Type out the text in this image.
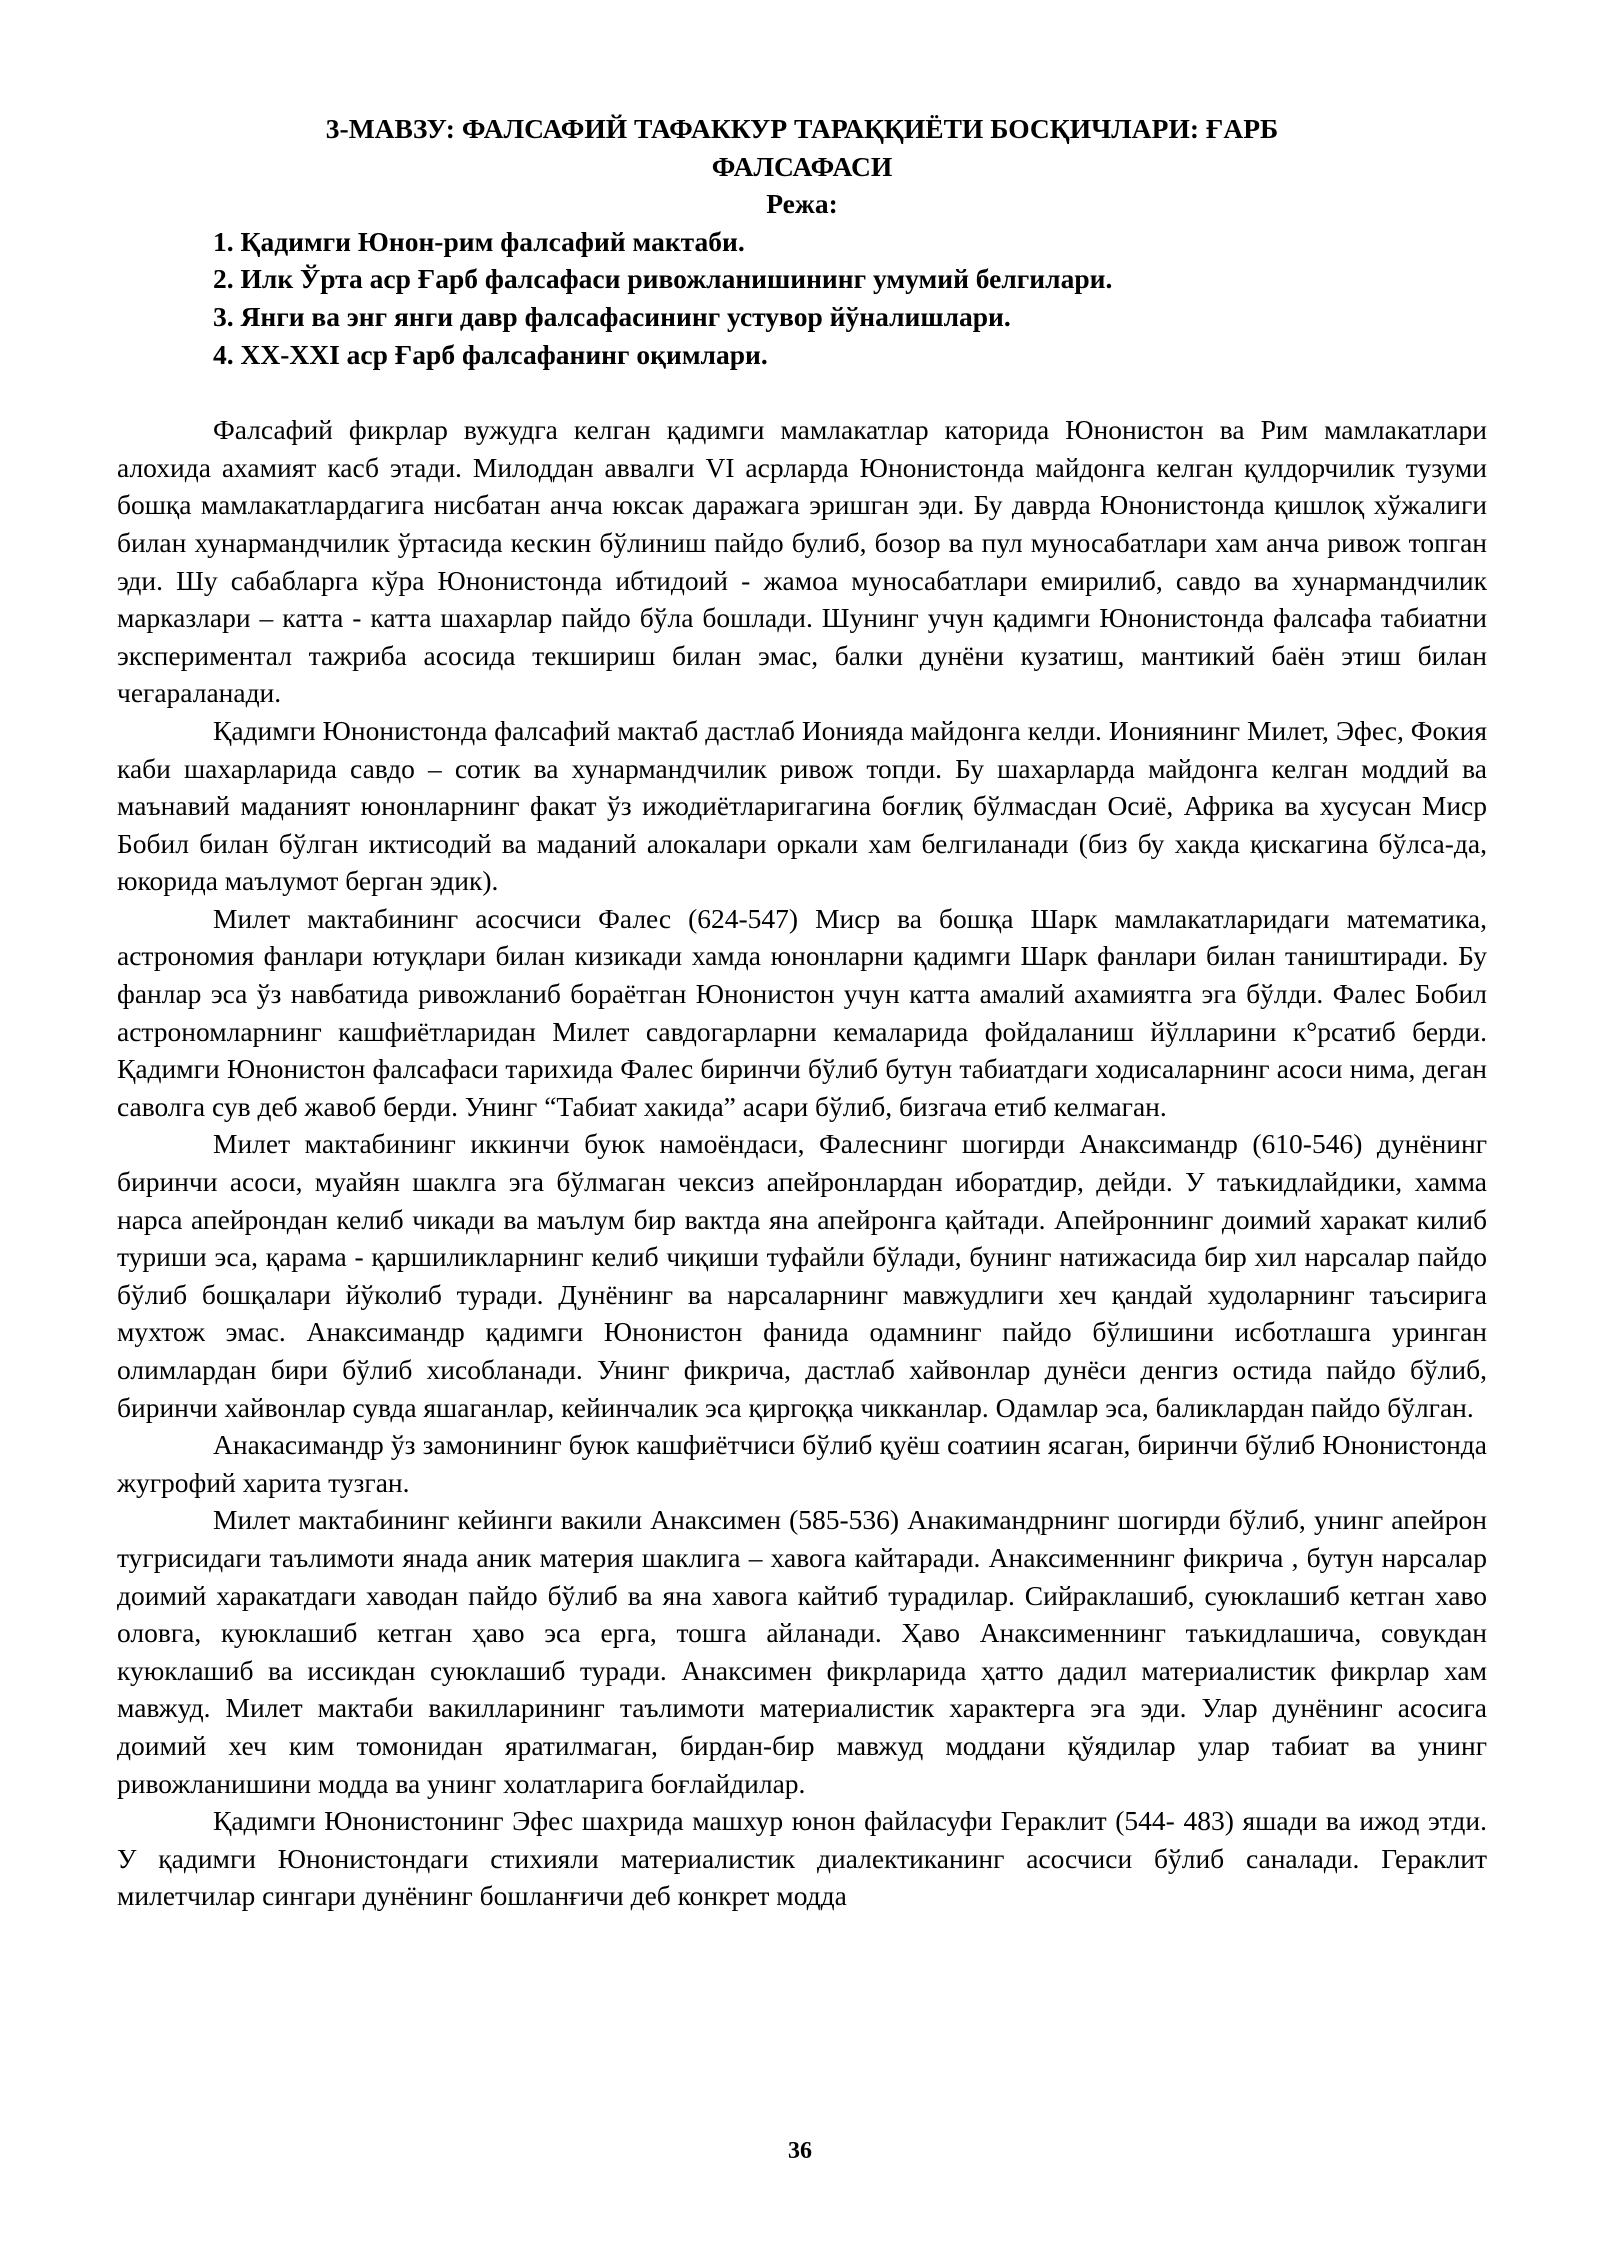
3-МАВЗУ: ФАЛСАФИЙ ТАФАККУР ТАРАҚҚИЁТИ БОСҚИЧЛАРИ: ҒАРБ

ФАЛСАФАСИ

Режа:

1. Қадимги Юнон-рим фалсафий мактаби.
2. Илк Ўрта аср Ғарб фалсафаси ривожланишининг умумий белгилари.
3. Янги ва энг янги давр фалсафасининг устувор йўналишлари.
4. XX-XXI аср Ғарб фалсафанинг оқимлари.

Фалсафий фикрлар вужудга келган қадимги мамлакатлар каторида Юнонистон ва Рим мамлакатлари алохида ахамият касб этади. Милоддан аввалги VI асрларда Юнонистонда майдонга келган қулдорчилик тузуми бошқа мамлакатлардагига нисбатан анча юксак даражага эришган эди. Бу даврда Юнонистонда қишлоқ хўжалиги билан хунармандчилик ўртасида кескин бўлиниш пайдо булиб, бозор ва пул муносабатлари хам анча ривож топган эди. Шу сабабларга кўра Юнонистонда ибтидоий - жамоа муносабатлари емирилиб, савдо ва хунармандчилик марказлари – катта - катта шахарлар пайдо бўла бошлади. Шунинг учун қадимги Юнонистонда фалсафа табиатни экспериментал тажриба асосида текшириш билан эмас, балки дунёни кузатиш, мантикий баён этиш билан чегараланади.

Қадимги Юнонистонда фалсафий мактаб дастлаб Ионияда майдонга келди. Иониянинг Милет, Эфес, Фокия каби шахарларида савдо – сотик ва хунармандчилик ривож топди. Бу шахарларда майдонга келган моддий ва маънавий маданият юнонларнинг факат ўз ижодиётларигагина боғлиқ бўлмасдан Осиё, Африка ва хусусан Миср Бобил билан бўлган иктисодий ва маданий алокалари оркали хам белгиланади (биз бу хакда қискагина бўлса-да, юкорида маълумот берган эдик).

Милет мактабининг асосчиси Фалес (624-547) Миср ва бошқа Шарк мамлакатларидаги математика, астрономия фанлари ютуқлари билан кизикади хамда юнонларни қадимги Шарк фанлари билан таништиради. Бу фанлар эса ўз навбатида ривожланиб бораётган Юнонистон учун катта амалий ахамиятга эга бўлди. Фалес Бобил астрономларнинг кашфиётларидан Милет савдогарларни кемаларида фойдаланиш йўлларини к°рсатиб берди. Қадимги Юнонистон фалсафаси тарихида Фалес биринчи бўлиб бутун табиатдаги ходисаларнинг асоси нима, деган саволга сув деб жавоб берди. Унинг “Табиат хакида” асари бўлиб, бизгача етиб келмаган.

Милет мактабининг иккинчи буюк намоёндаси, Фалеснинг шогирди Анаксимандр (610-546) дунёнинг биринчи асоси, муайян шаклга эга бўлмаган чексиз апейронлардан иборатдир, дейди. У таъкидлайдики, хамма нарса апейрондан келиб чикади ва маълум бир вактда яна апейронга қайтади. Апейроннинг доимий харакат килиб туриши эса, қарама - қаршиликларнинг келиб чиқиши туфайли бўлади, бунинг натижасида бир хил нарсалар пайдо бўлиб бошқалари йўколиб туради. Дунёнинг ва нарсаларнинг мавжудлиги хеч қандай худоларнинг таъсирига мухтож эмас. Анаксимандр қадимги Юнонистон фанида одамнинг пайдо бўлишини исботлашга уринган олимлардан бири бўлиб хисобланади. Унинг фикрича, дастлаб хайвонлар дунёси денгиз остида пайдо бўлиб, биринчи хайвонлар сувда яшаганлар, кейинчалик эса қиргоққа чикканлар. Одамлар эса, баликлардан пайдо бўлган.

Анакасимандр ўз замонининг буюк кашфиётчиси бўлиб қуёш соатиин ясаган, биринчи бўлиб Юнонистонда жугрофий харита тузган.

Милет мактабининг кейинги вакили Анаксимен (585-536) Анакимандрнинг шогирди бўлиб, унинг апейрон тугрисидаги таълимоти янада аник материя шаклига – хавога кайтаради. Анаксименнинг фикрича , бутун нарсалар доимий харакатдаги хаводан пайдо бўлиб ва яна хавога кайтиб турадилар. Сийраклашиб, суюклашиб кетган хаво оловга, куюклашиб кетган ҳаво эса ерга, тошга айланади. Ҳаво Анаксименнинг таъкидлашича, совукдан куюклашиб ва иссикдан суюклашиб туради. Анаксимен фикрларида ҳатто дадил материалистик фикрлар хам мавжуд. Милет мактаби вакилларининг таълимоти материалистик характерга эга эди. Улар дунёнинг асосига доимий хеч ким томонидан яратилмаган, бирдан-бир мавжуд моддани қўядилар улар табиат ва унинг ривожланишини модда ва унинг холатларига боғлайдилар.

Қадимги Юнонистонинг Эфес шахрида машхур юнон файласуфи Гераклит (544- 483) яшади ва ижод этди. У қадимги Юнонистондаги стихияли материалистик диалектиканинг асосчиси бўлиб саналади. Гераклит милетчилар сингари дунёнинг бошланғичи деб конкрет модда

36
